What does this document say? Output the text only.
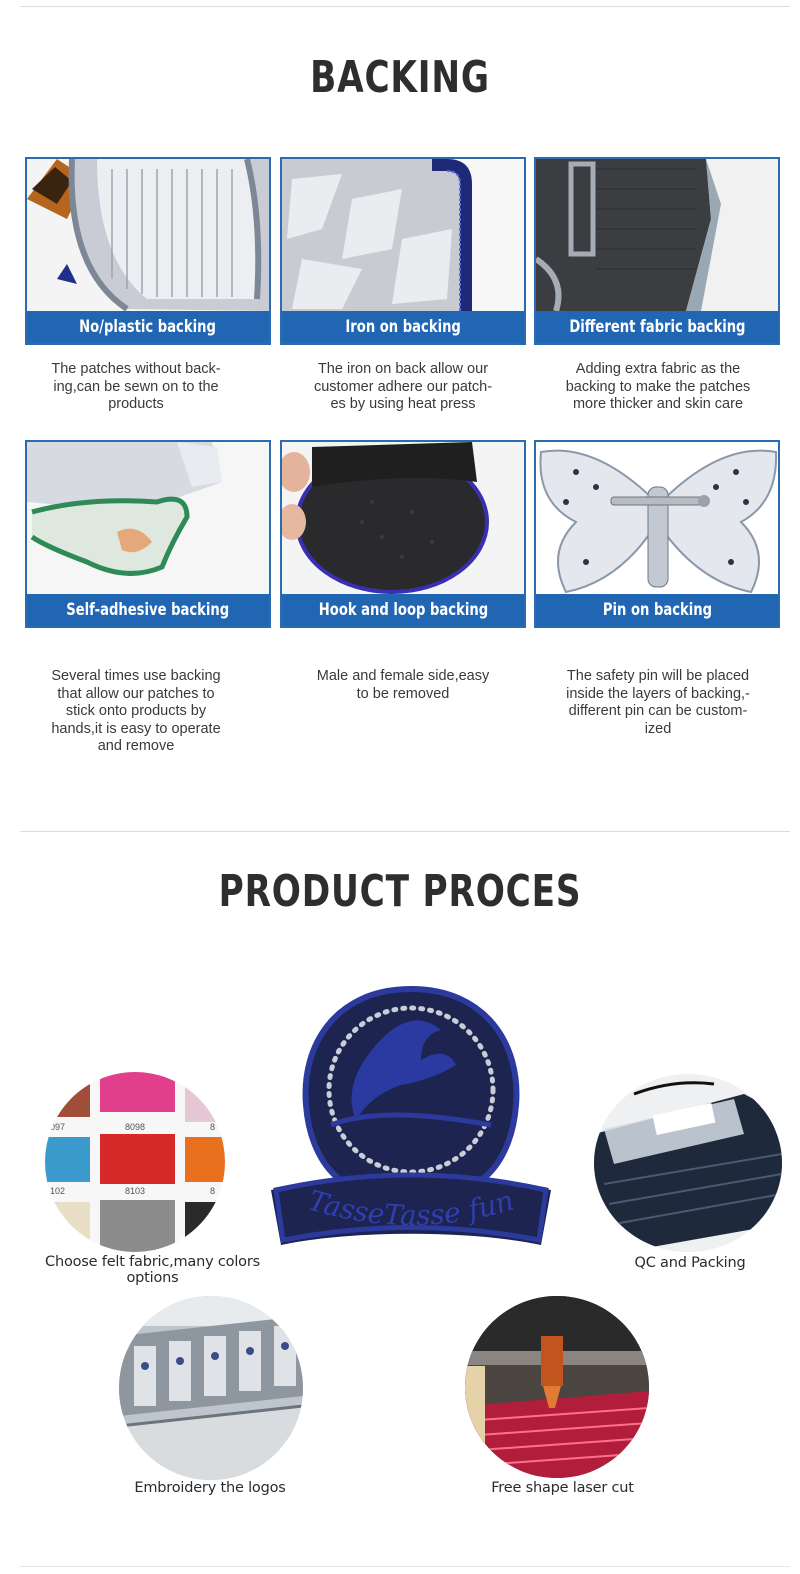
BACKING
No/plastic backing	Iron on backing	Different fabric backing
The patches without back-
ing,can be sewn on to the
products
The iron on back allow our
customer adhere our patch-
es by using heat press
Adding extra fabric as the
backing to make the patches
more thicker and skin care
Self-adhesive backing	Hook and loop backing	Pin on backing
Several times use backing
that allow our patches to
stick onto products by
hands,it is easy to operate
and remove
Male and female side,easy
to be removed
The safety pin will be placed
inside the layers of backing,-
different pin can be custom-
ized
PRODUCT PROCES
TasseTasse fun
097	8098	8
102	8103	8
Choose felt fabric,many colors options
QC and Packing
Embroidery the logos	Free shape laser cut
